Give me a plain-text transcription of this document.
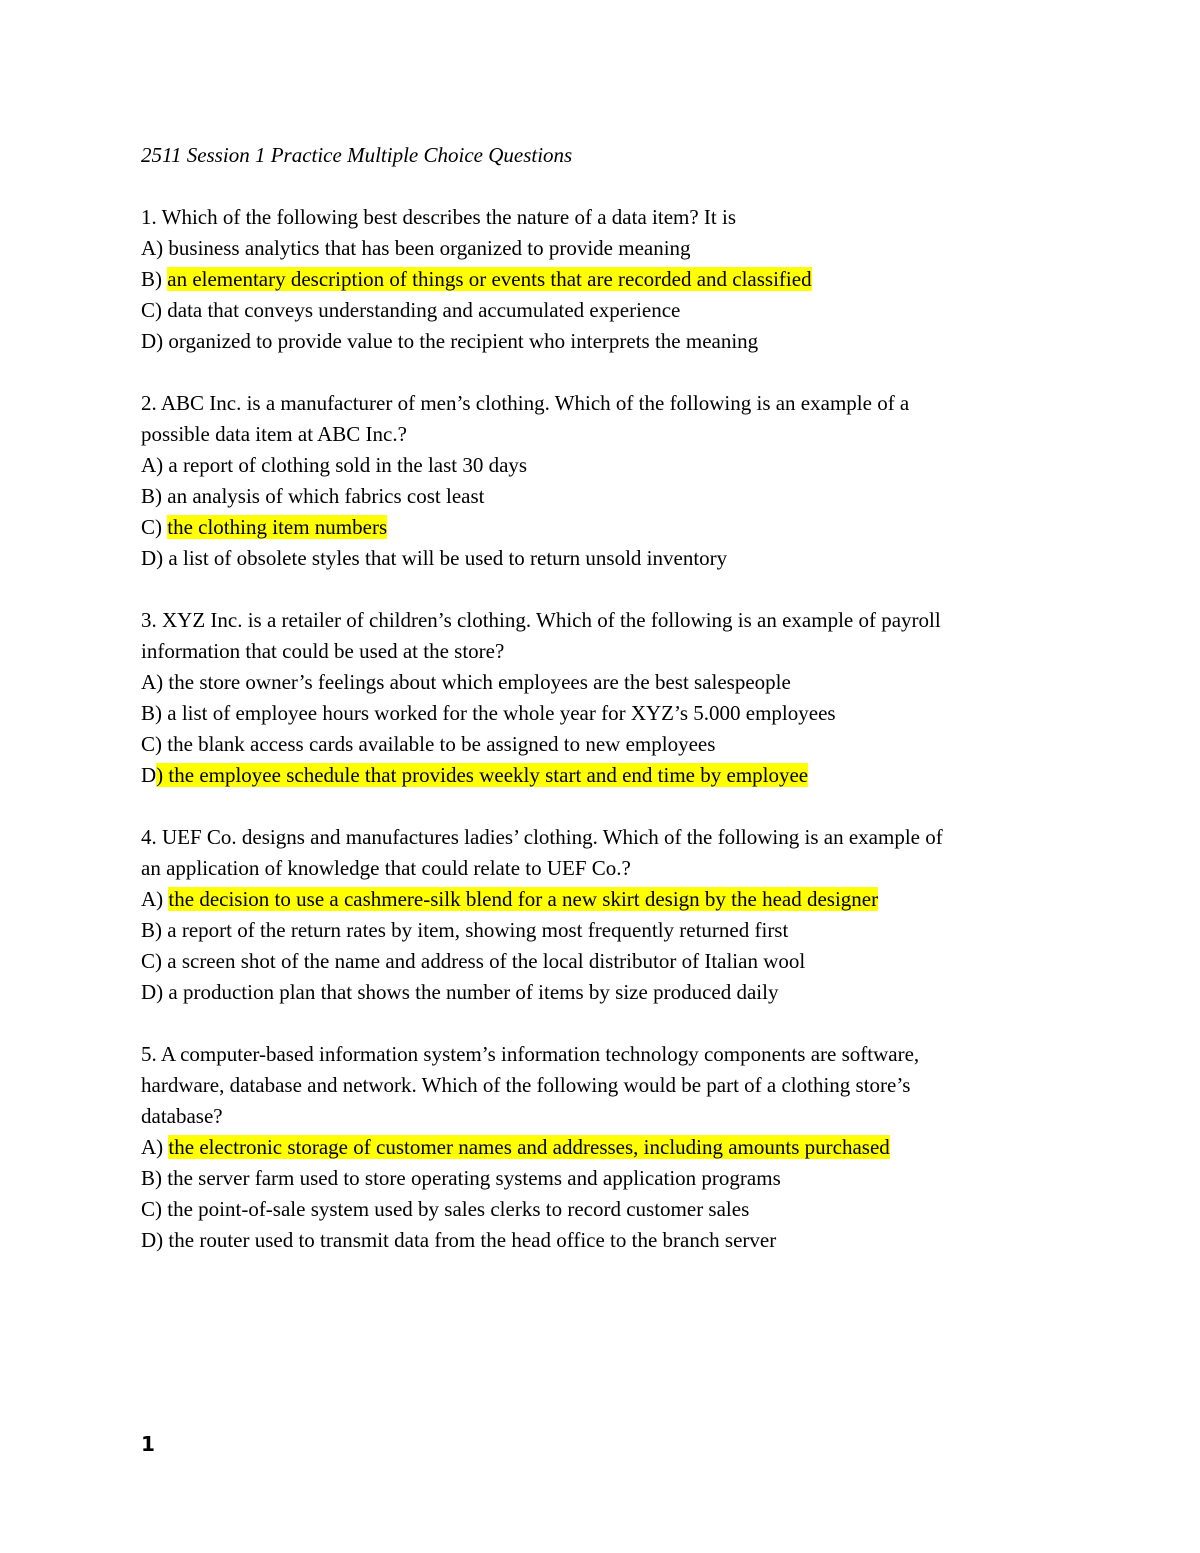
2511 Session 1 Practice Multiple Choice Questions

1. Which of the following best describes the nature of a data item? It is

A) business analytics that has been organized to provide meaning

B) an elementary description of things or events that are recorded and classified

C) data that conveys understanding and accumulated experience

D) organized to provide value to the recipient who interprets the meaning

2. ABC Inc. is a manufacturer of men’s clothing. Which of the following is an example of a

possible data item at ABC Inc.?

A) a report of clothing sold in the last 30 days

B) an analysis of which fabrics cost least

C) the clothing item numbers

D) a list of obsolete styles that will be used to return unsold inventory

3. XYZ Inc. is a retailer of children’s clothing. Which of the following is an example of payroll

information that could be used at the store?

A) the store owner’s feelings about which employees are the best salespeople

B) a list of employee hours worked for the whole year for XYZ’s 5.000 employees

C) the blank access cards available to be assigned to new employees

D) the employee schedule that provides weekly start and end time by employee

4. UEF Co. designs and manufactures ladies’ clothing. Which of the following is an example of

an application of knowledge that could relate to UEF Co.?

A) the decision to use a cashmere-silk blend for a new skirt design by the head designer

B) a report of the return rates by item, showing most frequently returned first

C) a screen shot of the name and address of the local distributor of Italian wool

D) a production plan that shows the number of items by size produced daily

5. A computer-based information system’s information technology components are software,

hardware, database and network. Which of the following would be part of a clothing store’s

database?

A) the electronic storage of customer names and addresses, including amounts purchased

B) the server farm used to store operating systems and application programs

C) the point-of-sale system used by sales clerks to record customer sales

D) the router used to transmit data from the head office to the branch server

1
